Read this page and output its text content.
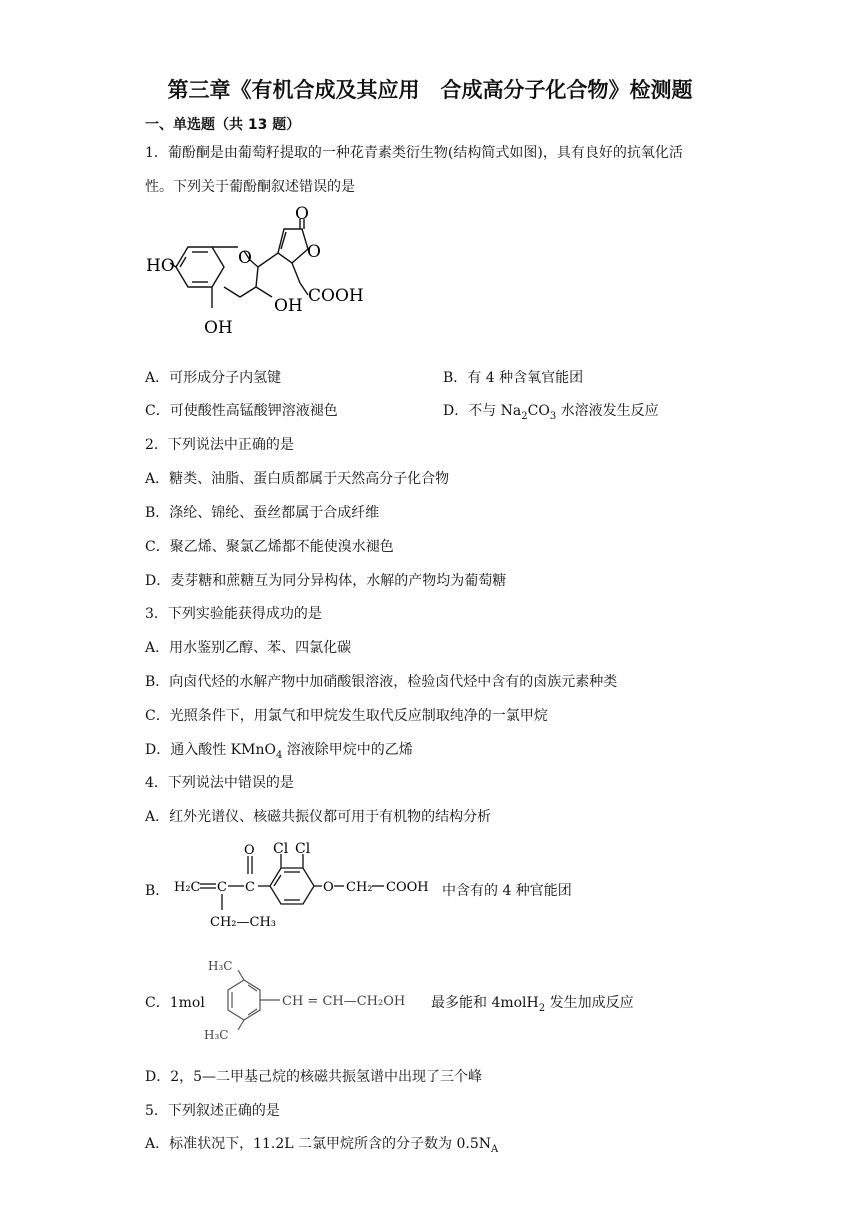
第三章《有机合成及其应用　合成高分子化合物》检测题
一、单选题（共 13 题）
1．葡酚酮是由葡萄籽提取的一种花青素类衍生物(结构简式如图)，具有良好的抗氧化活
性。下列关于葡酚酮叙述错误的是
HO	O	O
O
OH COOH
OH
A．可形成分子内氢键	B．有 4 种含氧官能团
C．可使酸性高锰酸钾溶液褪色	D．不与 $Na_2CO_3$ 水溶液发生反应
2．下列说法中正确的是
A．糖类、油脂、蛋白质都属于天然高分子化合物
B．涤纶、锦纶、蚕丝都属于合成纤维
C．聚乙烯、聚氯乙烯都不能使溴水褪色
D．麦芽糖和蔗糖互为同分异构体，水解的产物均为葡萄糖
3．下列实验能获得成功的是
A．用水鉴别乙醇、苯、四氯化碳
B．向卤代烃的水解产物中加硝酸银溶液，检验卤代烃中含有的卤族元素种类
C．光照条件下，用氯气和甲烷发生取代反应制取纯净的一氯甲烷
D．通入酸性 KMnO$_4$ 溶液除甲烷中的乙烯
4．下列说法中错误的是
A．红外光谱仪、核磁共振仪都可用于有机物的结构分析
B． H₂C C C
O Cl Cl
O CH₂ COOH
CH₂—CH₃
中含有的 4 种官能团
C．1mol
H₃C
H₃C
CH = CH—CH₂OH 最多能和 4molH$_2$ 发生加成反应
D．2，5—二甲基己烷的核磁共振氢谱中出现了三个峰
5．下列叙述正确的是
A．标准状况下，11.2L 二氯甲烷所含的分子数为 $0.5N_A$
